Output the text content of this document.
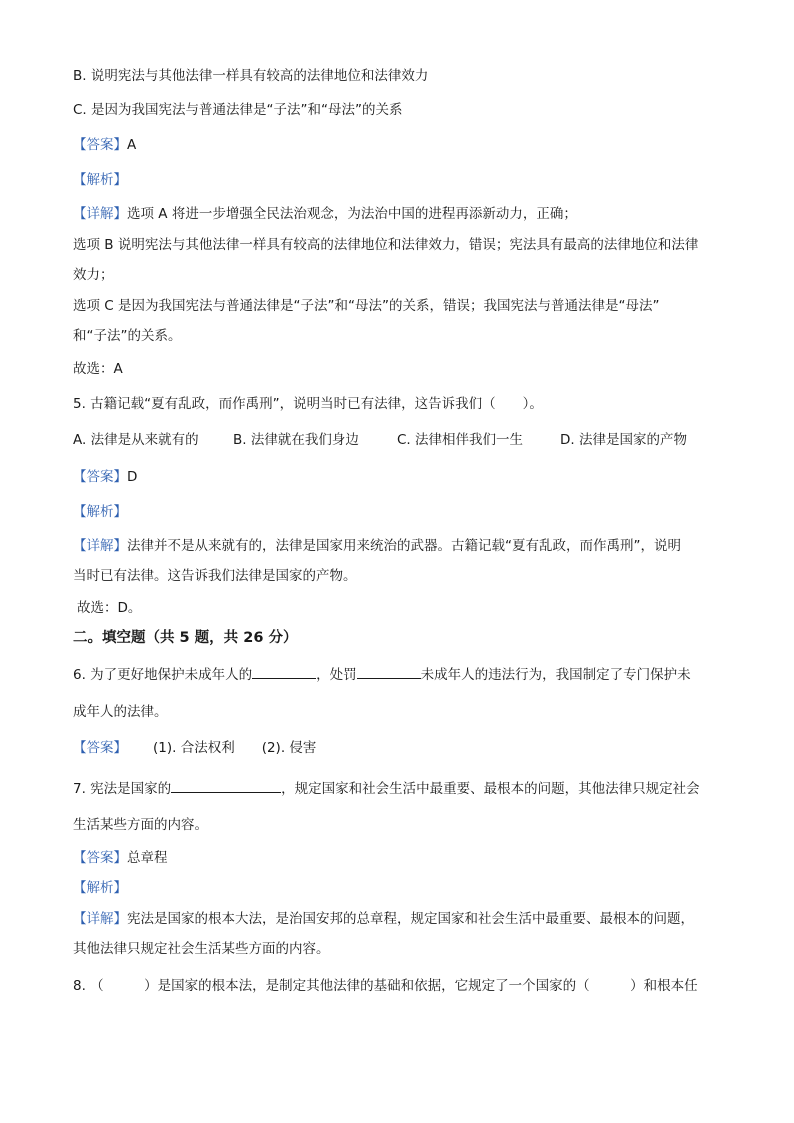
B. 说明宪法与其他法律一样具有较高的法律地位和法律效力
C. 是因为我国宪法与普通法律是“子法”和“母法”的关系
【答案】A
【解析】
【详解】选项 A 将进一步增强全民法治观念，为法治中国的进程再添新动力，正确；
选项 B 说明宪法与其他法律一样具有较高的法律地位和法律效力，错误；宪法具有最高的法律地位和法律
效力；
选项 C 是因为我国宪法与普通法律是“子法”和“母法”的关系，错误；我国宪法与普通法律是“母法”
和“子法”的关系。
故选：A
5. 古籍记载“夏有乱政，而作禹刑”，说明当时已有法律，这告诉我们（　　）。
A. 法律是从来就有的	B. 法律就在我们身边	C. 法律相伴我们一生	D. 法律是国家的产物
【答案】D
【解析】
【详解】法律并不是从来就有的，法律是国家用来统治的武器。古籍记载“夏有乱政，而作禹刑”，说明
当时已有法律。这告诉我们法律是国家的产物。
故选：D。
二。填空题（共 5 题，共 26 分）
6. 为了更好地保护未成年人的	，处罚	未成年人的违法行为，我国制定了专门保护未
成年人的法律。
【答案】 (1). 合法权利　　(2). 侵害
7. 宪法是国家的	，规定国家和社会生活中最重要、最根本的问题，其他法律只规定社会
生活某些方面的内容。
【答案】总章程
【解析】
【详解】宪法是国家的根本大法，是治国安邦的总章程，规定国家和社会生活中最重要、最根本的问题，
其他法律只规定社会生活某些方面的内容。
8. （　　　）是国家的根本法，是制定其他法律的基础和依据，它规定了一个国家的（　　　）和根本任
